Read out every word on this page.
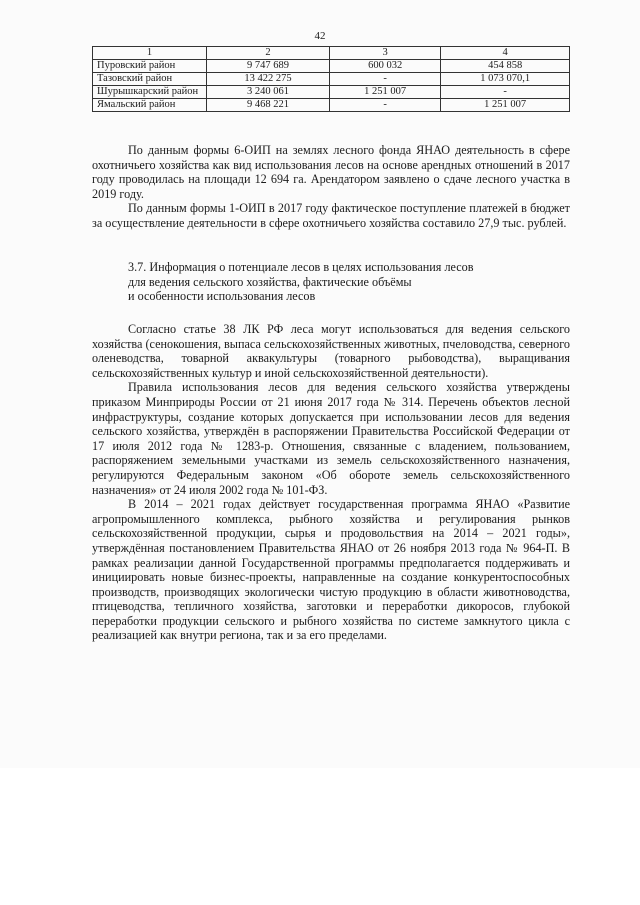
42
1	2	3	4
Пуровский район	9 747 689	600 032	454 858
Тазовский район	13 422 275	-	1 073 070,1
Шурышкарский район	3 240 061	1 251 007	-
Ямальский район	9 468 221	-	1 251 007

По данным формы 6-ОИП на землях лесного фонда ЯНАО деятельность в сфере охотничьего хозяйства как вид использования лесов на основе арендных отношений в 2017 году проводилась на площади 12 694 га. Арендатором заявлено о сдаче лесного участка в 2019 году.

По данным формы 1-ОИП в 2017 году фактическое поступление платежей в бюджет за осуществление деятельности в сфере охотничьего хозяйства составило 27,9 тыс. рублей.

3.7. Информация о потенциале лесов в целях использования лесов

для ведения сельского хозяйства, фактические объёмы

и особенности использования лесов

Согласно статье 38 ЛК РФ леса могут использоваться для ведения сельского хозяйства (сенокошения, выпаса сельскохозяйственных животных, пчеловодства, северного оленеводства, товарной аквакультуры (товарного рыбоводства), выращивания сельскохозяйственных культур и иной сельскохозяйственной деятельности).

Правила использования лесов для ведения сельского хозяйства утверждены приказом Минприроды России от 21 июня 2017 года № 314. Перечень объектов лесной инфраструктуры, создание которых допускается при использовании лесов для ведения сельского хозяйства, утверждён в распоряжении Правительства Российской Федерации от 17 июля 2012 года № 1283-р. Отношения, связанные с владением, пользованием, распоряжением земельными участками из земель сельскохозяйственного назначения, регулируются Федеральным законом «Об обороте земель сельскохозяйственного назначения» от 24 июля 2002 года № 101-ФЗ.

В 2014 – 2021 годах действует государственная программа ЯНАО «Развитие агропромышленного комплекса, рыбного хозяйства и регулирования рынков сельскохозяйственной продукции, сырья и продовольствия на 2014 – 2021 годы», утверждённая постановлением Правительства ЯНАО от 26 ноября 2013 года № 964-П. В рамках реализации данной Государственной программы предполагается поддерживать и инициировать новые бизнес-проекты, направленные на создание конкурентоспособных производств, производящих экологически чистую продукцию в области животноводства, птицеводства, тепличного хозяйства, заготовки и переработки дикоросов, глубокой переработки продукции сельского и рыбного хозяйства по системе замкнутого цикла с реализацией как внутри региона, так и за его пределами.
